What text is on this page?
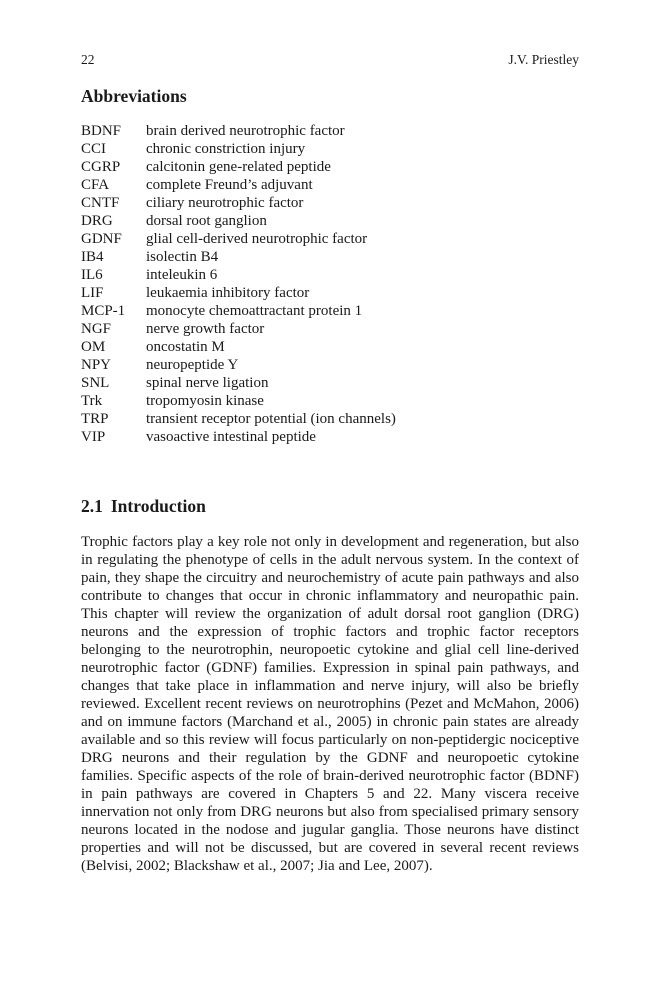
22	J.V. Priestley
Abbreviations
BDNF brain derived neurotrophic factor
CCI	chronic constriction injury
CGRP calcitonin gene-related peptide
CFA complete Freund’s adjuvant
CNTF ciliary neurotrophic factor
DRG dorsal root ganglion
GDNF glial cell-derived neurotrophic factor
IB4	isolectin B4
IL6	inteleukin 6
LIF	leukaemia inhibitory factor
MCP-1 monocyte chemoattractant protein 1
NGF nerve growth factor
OM	oncostatin M
NPY neuropeptide Y
SNL spinal nerve ligation
Trk	tropomyosin kinase
TRP transient receptor potential (ion channels)
VIP	vasoactive intestinal peptide
2.1 Introduction

Trophic factors play a key role not only in development and regeneration, but also in regulating the phenotype of cells in the adult nervous system. In the context of pain, they shape the circuitry and neurochemistry of acute pain pathways and also contribute to changes that occur in chronic inflammatory and neuropathic pain. This chapter will review the organization of adult dorsal root ganglion (DRG) neurons and the expression of trophic factors and trophic factor receptors belonging to the neurotrophin, neuropoetic cytokine and glial cell line-derived neurotrophic factor (GDNF) families. Expression in spinal pain pathways, and changes that take place in inflammation and nerve injury, will also be briefly reviewed. Excellent recent reviews on neurotrophins (Pezet and McMahon, 2006) and on immune factors (Marchand et al., 2005) in chronic pain states are already available and so this review will focus particularly on non-peptidergic nociceptive DRG neurons and their regulation by the GDNF and neuropoetic cytokine families. Specific aspects of the role of brain-derived neurotrophic factor (BDNF) in pain pathways are covered in Chapters 5 and 22. Many viscera receive innervation not only from DRG neurons but also from specialised primary sensory neurons located in the nodose and jugular ganglia. Those neurons have distinct properties and will not be discussed, but are covered in several recent reviews (Belvisi, 2002; Blackshaw et al., 2007; Jia and Lee, 2007).
